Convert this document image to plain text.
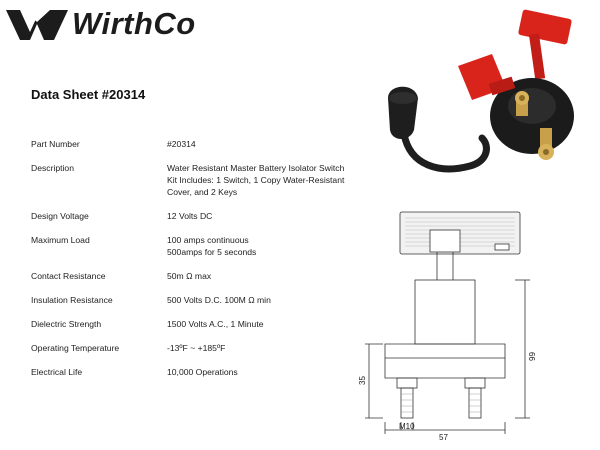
WirthCo
Data Sheet #20314
Part Number	#20314
Description	Water Resistant Master Battery Isolator Switch
Kit Includes: 1 Switch, 1 Copy Water-Resistant
Cover, and 2 Keys
Design Voltage	12 Volts DC
Maximum Load	100 amps continuous
500amps for 5 seconds
Contact Resistance	50m Ω max
Insulation Resistance	500 Volts D.C. 100M Ω min
Dielectric Strength	1500 Volts A.C., 1 Minute
Operating Temperature	-13ºF ~ +185ºF
Electrical Life	10,000 Operations
66
35
57
M10
